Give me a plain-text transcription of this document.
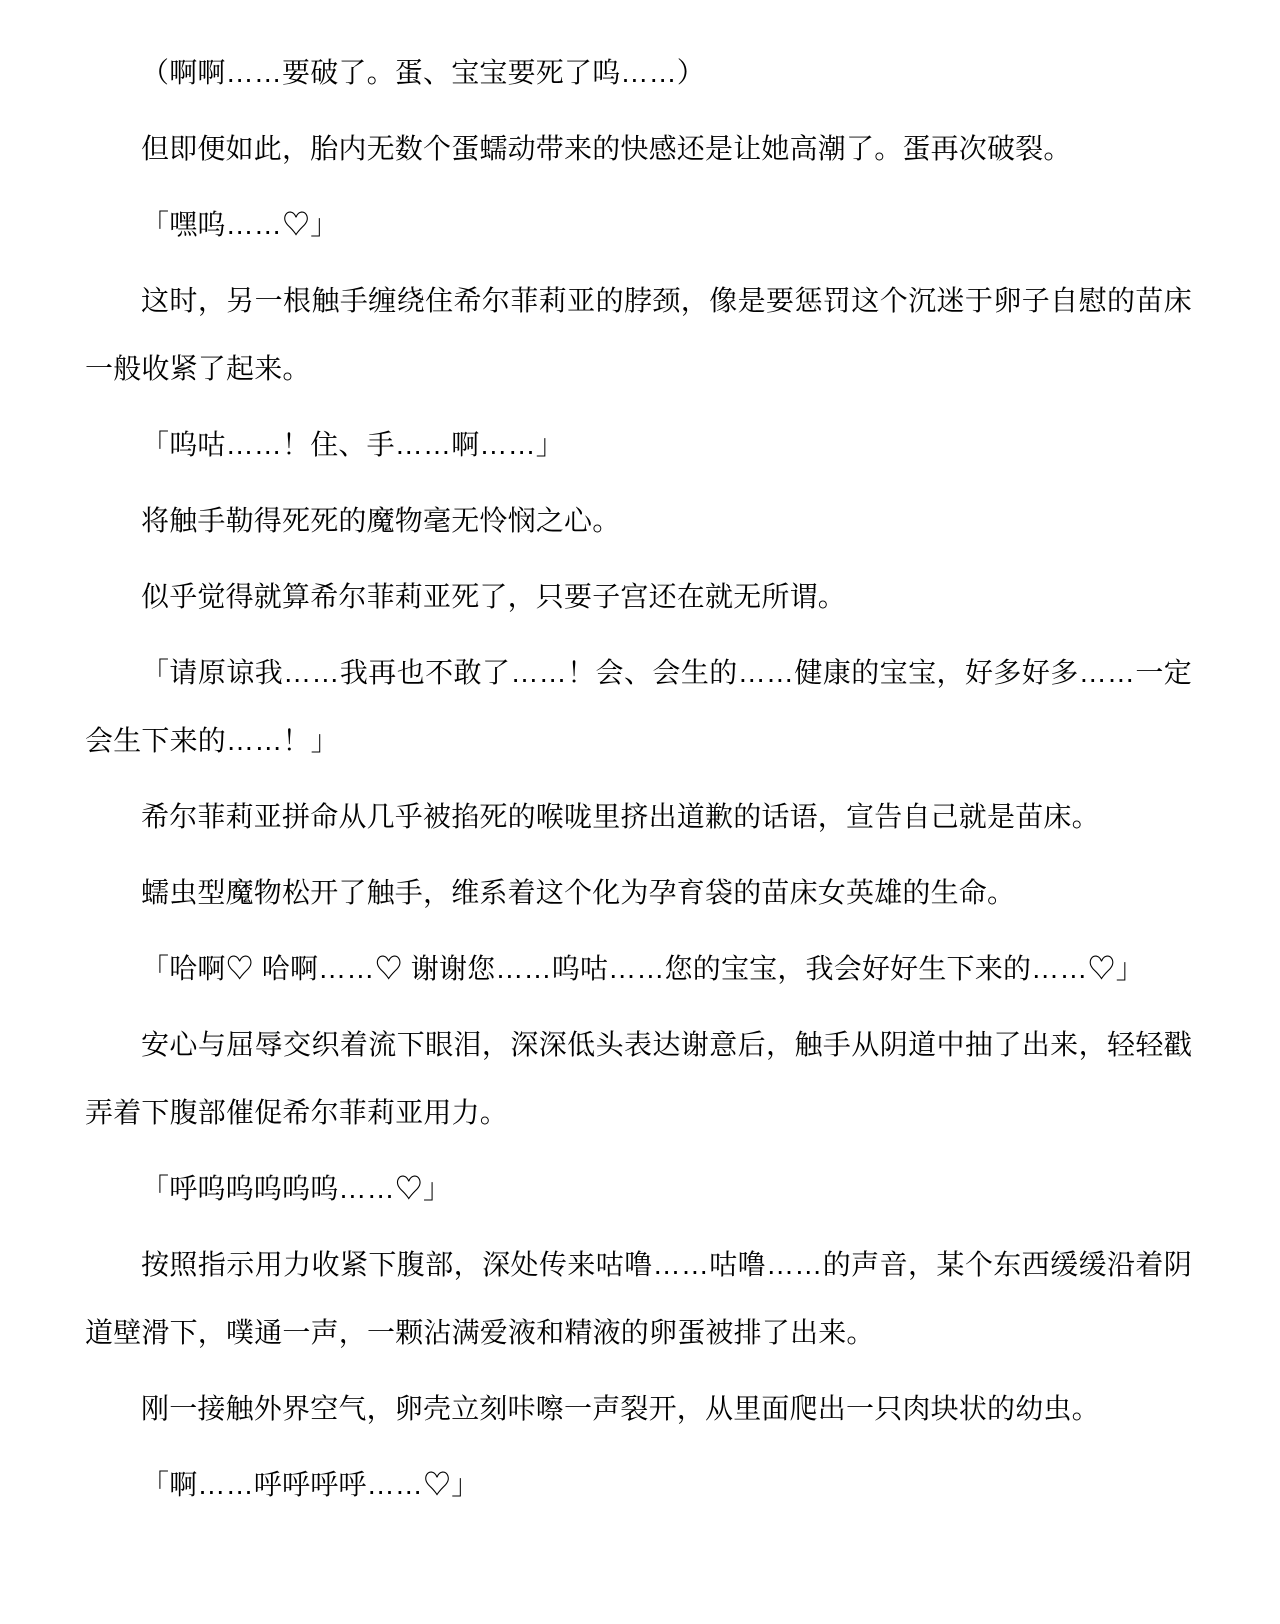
（啊啊……要破了。蛋、宝宝要死了呜……）

但即便如此，胎内无数个蛋蠕动带来的快感还是让她高潮了。蛋再次破裂。

「嘿呜……♡」

这时，另一根触手缠绕住希尔菲莉亚的脖颈，像是要惩罚这个沉迷于卵子自慰的苗床一般收紧了起来。

「呜咕……！住、手……啊……」

将触手勒得死死的魔物毫无怜悯之心。

似乎觉得就算希尔菲莉亚死了，只要子宫还在就无所谓。

「请原谅我……我再也不敢了……！会、会生的……健康的宝宝，好多好多……一定会生下来的……！」

希尔菲莉亚拼命从几乎被掐死的喉咙里挤出道歉的话语，宣告自己就是苗床。

蠕虫型魔物松开了触手，维系着这个化为孕育袋的苗床女英雄的生命。

「哈啊♡ 哈啊……♡ 谢谢您……呜咕……您的宝宝，我会好好生下来的……♡」

安心与屈辱交织着流下眼泪，深深低头表达谢意后，触手从阴道中抽了出来，轻轻戳弄着下腹部催促希尔菲莉亚用力。

「呼呜呜呜呜呜……♡」

按照指示用力收紧下腹部，深处传来咕噜……咕噜……的声音，某个东西缓缓沿着阴道壁滑下，噗通一声，一颗沾满爱液和精液的卵蛋被排了出来。

刚一接触外界空气，卵壳立刻咔嚓一声裂开，从里面爬出一只肉块状的幼虫。

「啊……呼呼呼呼……♡」
